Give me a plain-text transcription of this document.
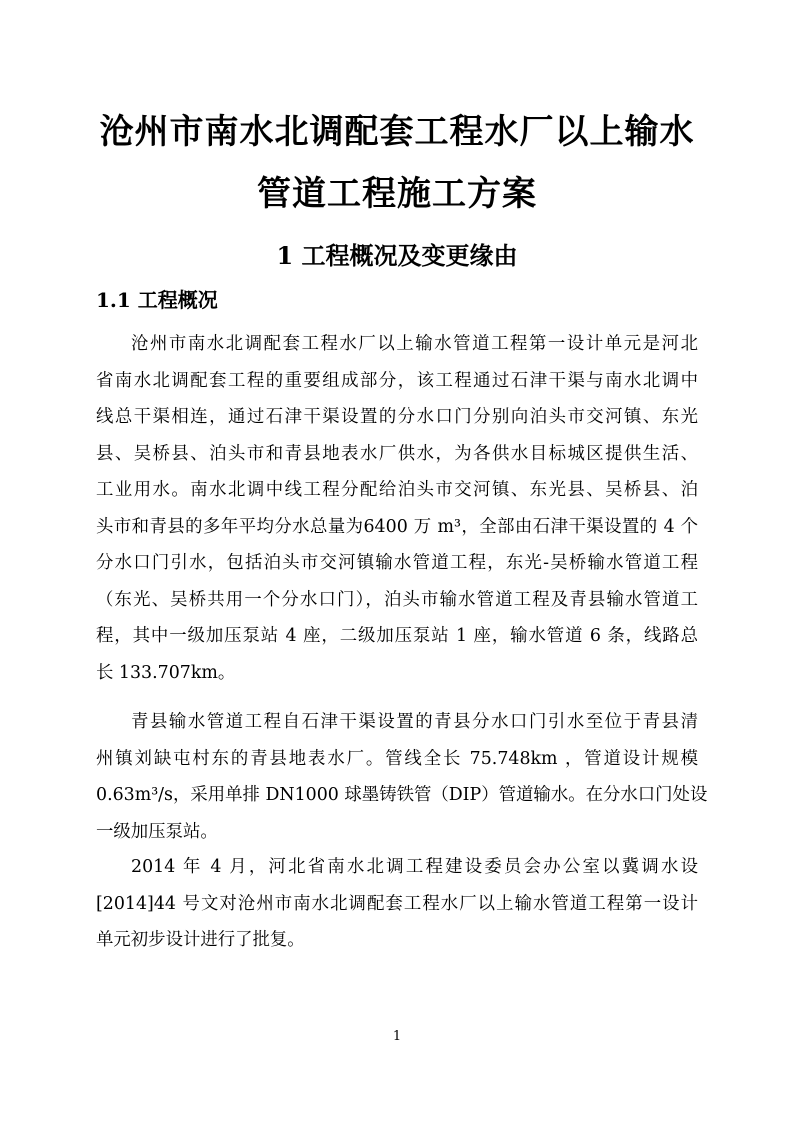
沧州市南水北调配套工程水厂以上输水
管道工程施工方案
1 工程概况及变更缘由
1.1 工程概况
沧州市南水北调配套工程水厂以上输水管道工程第一设计单元是河北
省南水北调配套工程的重要组成部分，该工程通过石津干渠与南水北调中
线总干渠相连，通过石津干渠设置的分水口门分别向泊头市交河镇、东光
县、吴桥县、泊头市和青县地表水厂供水，为各供水目标城区提供生活、
工业用水。南水北调中线工程分配给泊头市交河镇、东光县、吴桥县、泊
头市和青县的多年平均分水总量为6400 万 m³，全部由石津干渠设置的 4 个
分水口门引水，包括泊头市交河镇输水管道工程，东光-吴桥输水管道工程
（东光、吴桥共用一个分水口门），泊头市输水管道工程及青县输水管道工
程，其中一级加压泵站 4 座，二级加压泵站 1 座，输水管道 6 条，线路总
长 133.707km。
青县输水管道工程自石津干渠设置的青县分水口门引水至位于青县清
州镇刘缺屯村东的青县地表水厂。管线全长 75.748km ，管道设计规模
0.63m³/s，采用单排 DN1000 球墨铸铁管（DIP）管道输水。在分水口门处设
一级加压泵站。
2014 年 4 月，河北省南水北调工程建设委员会办公室以冀调水设
[2014]44 号文对沧州市南水北调配套工程水厂以上输水管道工程第一设计
单元初步设计进行了批复。
1
